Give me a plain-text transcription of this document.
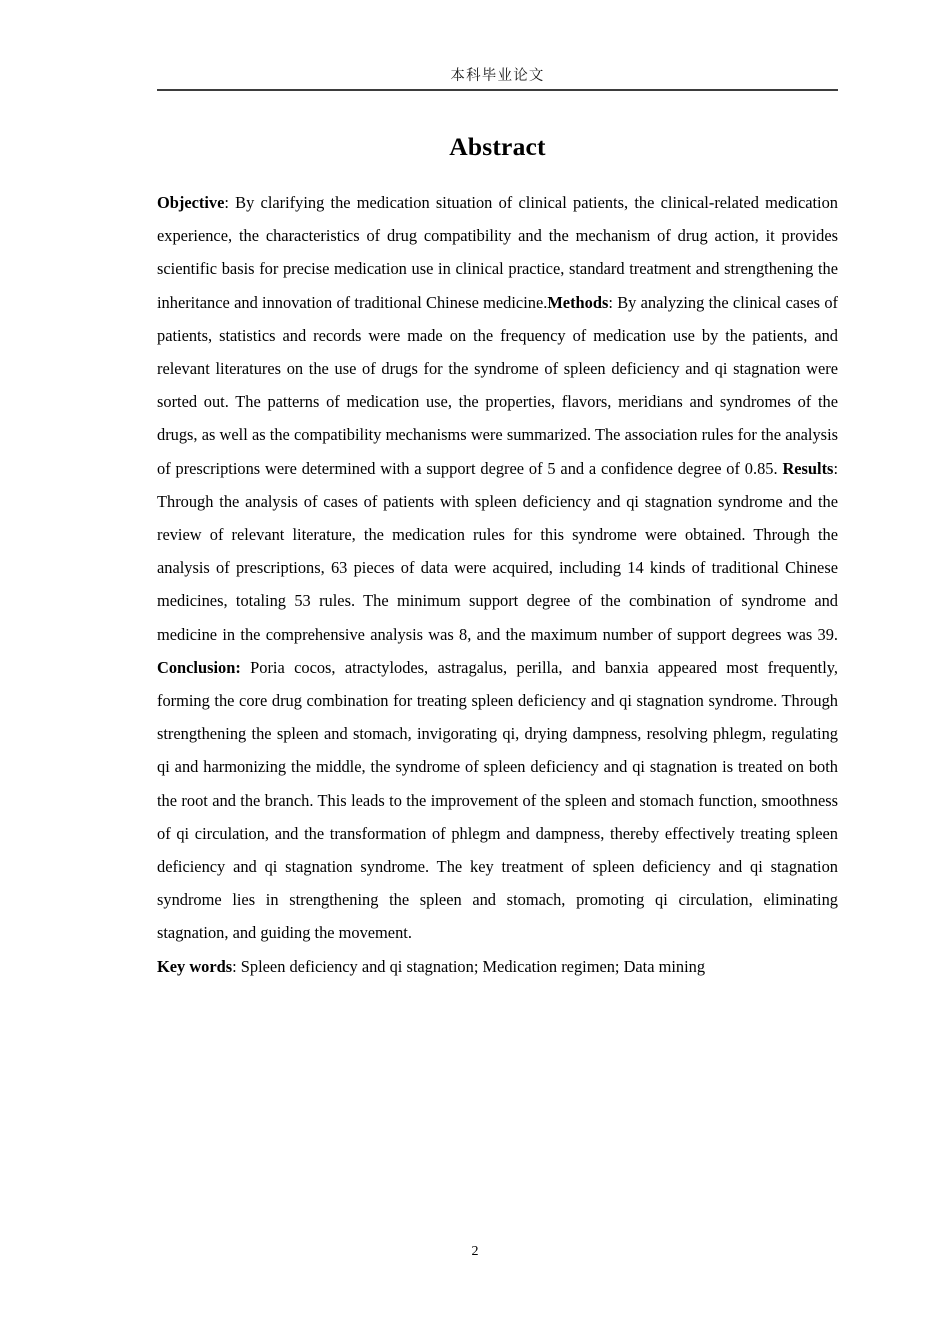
本科毕业论文
Abstract

Objective: By clarifying the medication situation of clinical patients, the clinical-related medication experience, the characteristics of drug compatibility and the mechanism of drug action, it provides scientific basis for precise medication use in clinical practice, standard treatment and strengthening the inheritance and innovation of traditional Chinese medicine.Methods: By analyzing the clinical cases of patients, statistics and records were made on the frequency of medication use by the patients, and relevant literatures on the use of drugs for the syndrome of spleen deficiency and qi stagnation were sorted out. The patterns of medication use, the properties, flavors, meridians and syndromes of the drugs, as well as the compatibility mechanisms were summarized. The association rules for the analysis of prescriptions were determined with a support degree of 5 and a confidence degree of 0.85. Results: Through the analysis of cases of patients with spleen deficiency and qi stagnation syndrome and the review of relevant literature, the medication rules for this syndrome were obtained. Through the analysis of prescriptions, 63 pieces of data were acquired, including 14 kinds of traditional Chinese medicines, totaling 53 rules. The minimum support degree of the combination of syndrome and medicine in the comprehensive analysis was 8, and the maximum number of support degrees was 39. Conclusion: Poria cocos, atractylodes, astragalus, perilla, and banxia appeared most frequently, forming the core drug combination for treating spleen deficiency and qi stagnation syndrome. Through strengthening the spleen and stomach, invigorating qi, drying dampness, resolving phlegm, regulating qi and harmonizing the middle, the syndrome of spleen deficiency and qi stagnation is treated on both the root and the branch. This leads to the improvement of the spleen and stomach function, smoothness of qi circulation, and the transformation of phlegm and dampness, thereby effectively treating spleen deficiency and qi stagnation syndrome. The key treatment of spleen deficiency and qi stagnation syndrome lies in strengthening the spleen and stomach, promoting qi circulation, eliminating stagnation, and guiding the movement.

Key words: Spleen deficiency and qi stagnation; Medication regimen; Data mining

2
